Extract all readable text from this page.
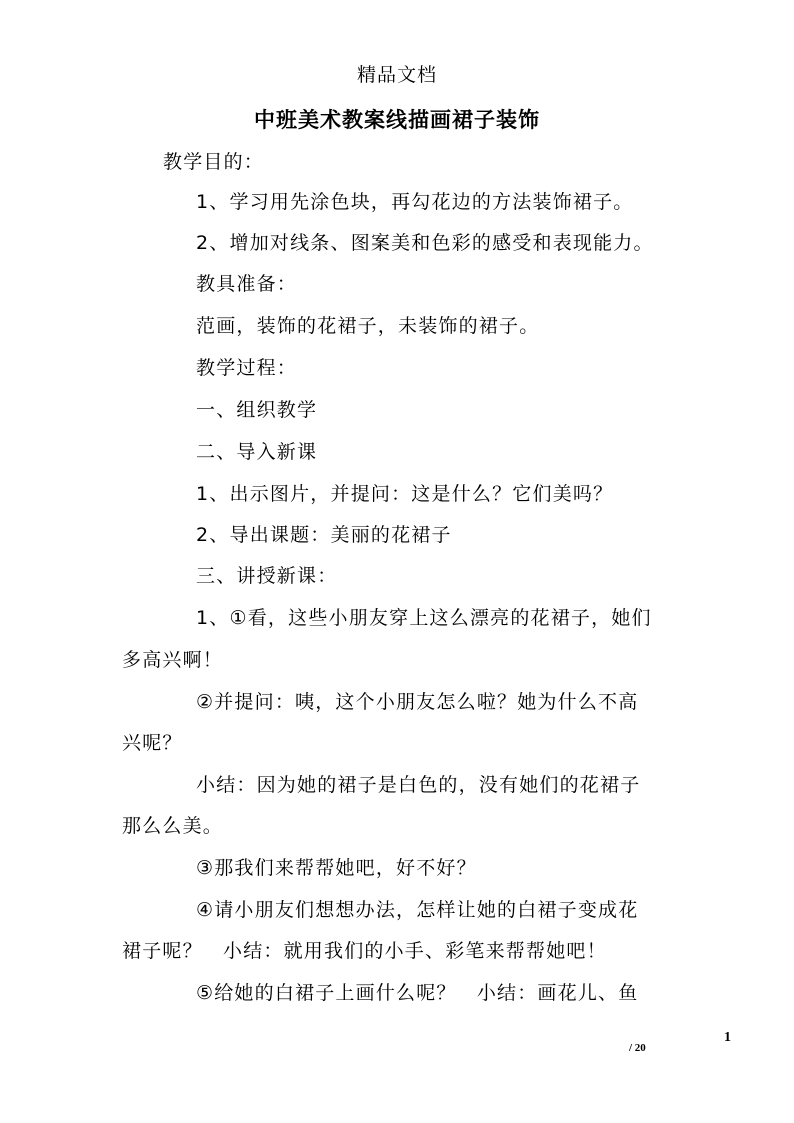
精品文档
中班美术教案线描画裙子装饰
教学目的：
1、学习用先涂色块，再勾花边的方法装饰裙子。
2、增加对线条、图案美和色彩的感受和表现能力。
教具准备：
范画，装饰的花裙子，未装饰的裙子。
教学过程：
一、组织教学
二、导入新课
1、出示图片，并提问：这是什么？它们美吗？
2、导出课题：美丽的花裙子
三、讲授新课：
1、①看，这些小朋友穿上这么漂亮的花裙子，她们
多高兴啊！
②并提问：咦，这个小朋友怎么啦？她为什么不高
兴呢？
小结：因为她的裙子是白色的，没有她们的花裙子
那么么美。
③那我们来帮帮她吧，好不好？
④请小朋友们想想办法，怎样让她的白裙子变成花
裙子呢？　小结：就用我们的小手、彩笔来帮帮她吧！
⑤给她的白裙子上画什么呢？　小结：画花儿、鱼
1
/ 20
